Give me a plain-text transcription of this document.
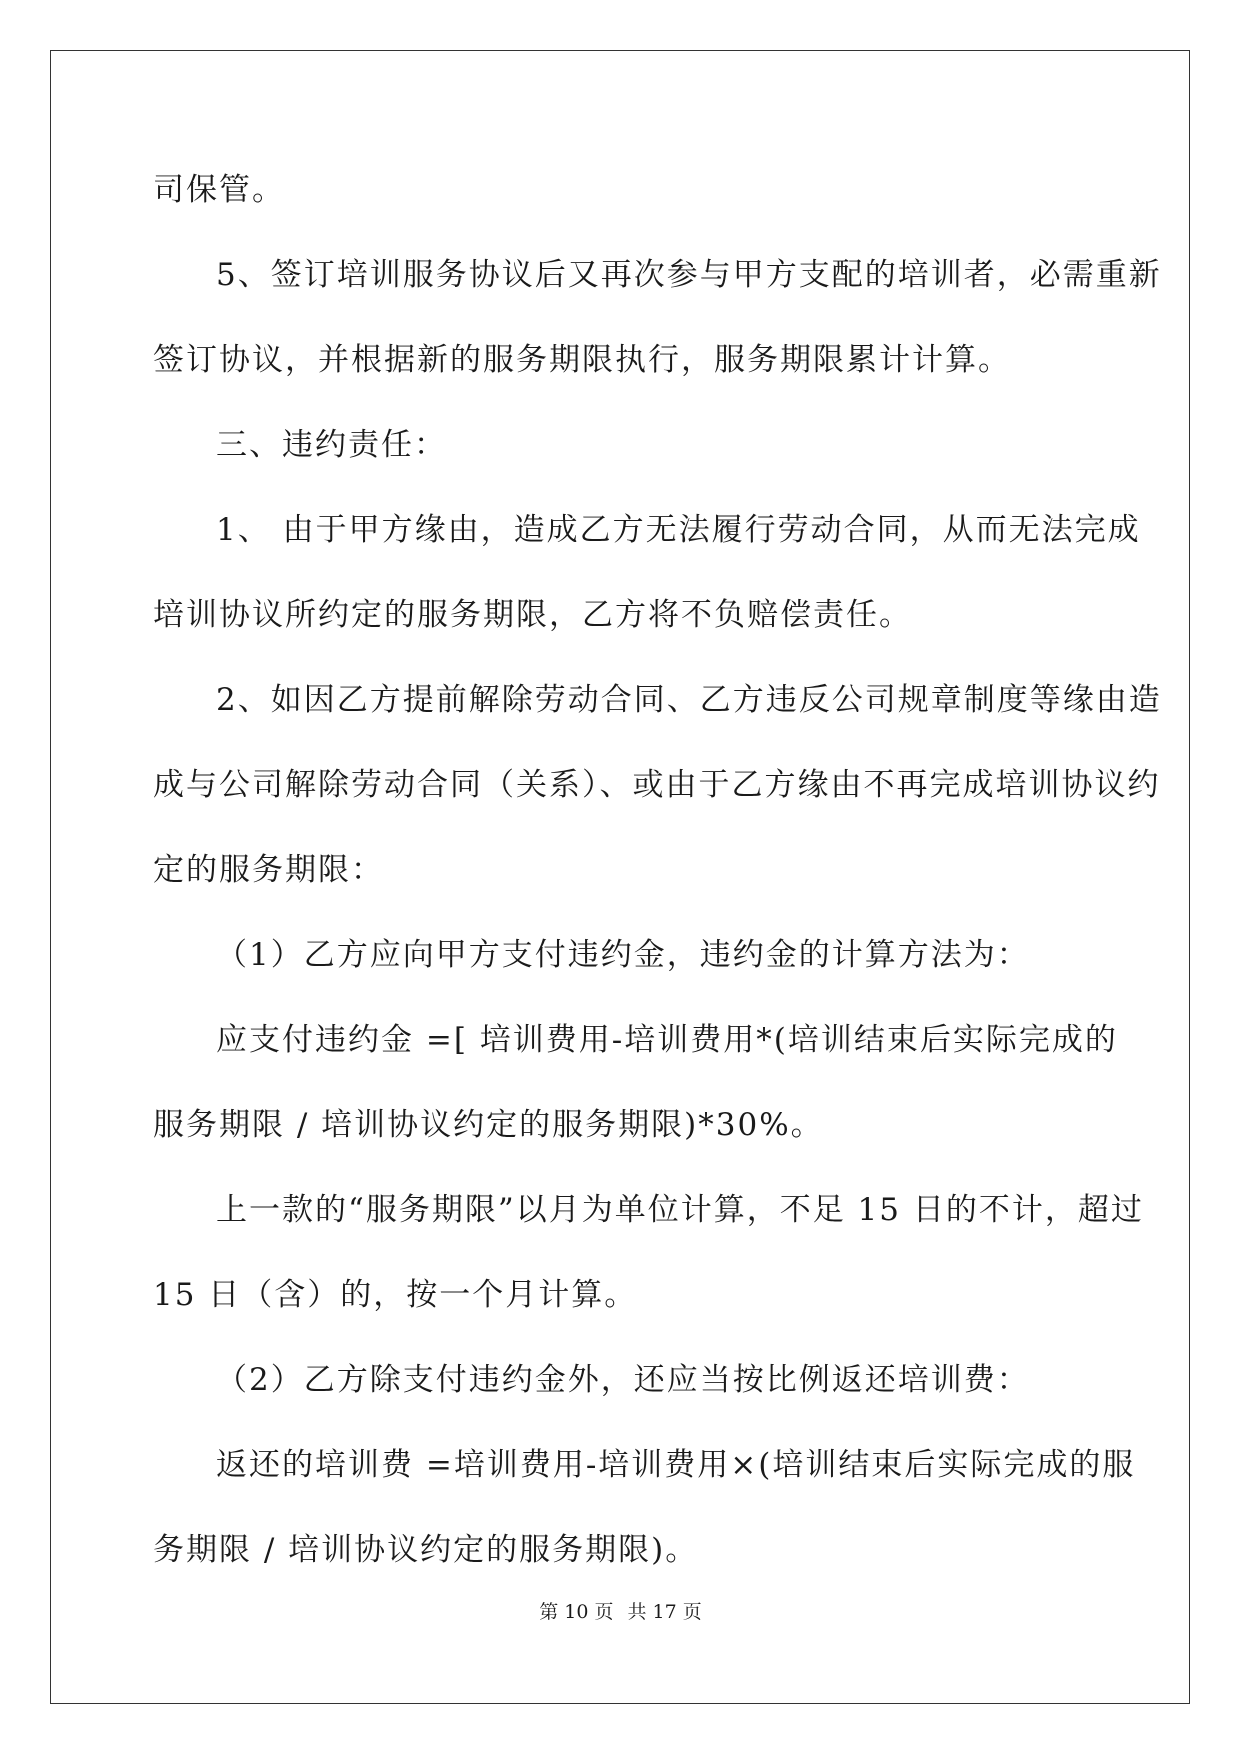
司保管。
5、签订培训服务协议后又再次参与甲方支配的培训者，必需重新
签订协议，并根据新的服务期限执行，服务期限累计计算。
三、违约责任：
1、 由于甲方缘由，造成乙方无法履行劳动合同，从而无法完成
培训协议所约定的服务期限，乙方将不负赔偿责任。
2、如因乙方提前解除劳动合同、乙方违反公司规章制度等缘由造
成与公司解除劳动合同（关系）、或由于乙方缘由不再完成培训协议约
定的服务期限：
（1）乙方应向甲方支付违约金，违约金的计算方法为：
应支付违约金 =[ 培训费用-培训费用*(培训结束后实际完成的
服务期限 / 培训协议约定的服务期限)*30%。
上一款的“服务期限”以月为单位计算，不足 15 日的不计，超过
15 日（含）的，按一个月计算。
（2）乙方除支付违约金外，还应当按比例返还培训费：
返还的培训费 =培训费用-培训费用×(培训结束后实际完成的服
务期限 / 培训协议约定的服务期限)。
第 10 页 共 17 页
